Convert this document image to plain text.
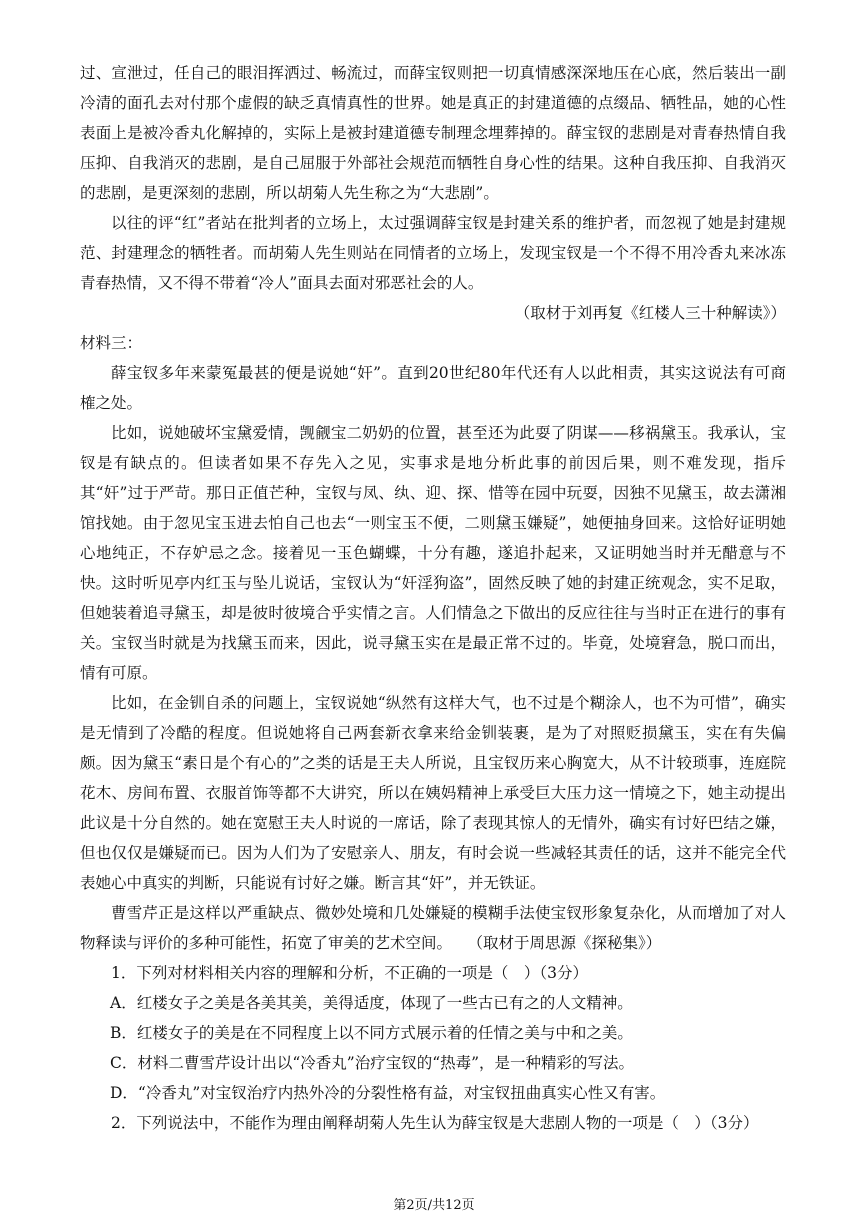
过、宣泄过，任自己的眼泪挥洒过、畅流过，而薛宝钗则把一切真情感深深地压在心底，然后装出一副冷清的面孔去对付那个虚假的缺乏真情真性的世界。她是真正的封建道德的点缀品、牺牲品，她的心性表面上是被冷香丸化解掉的，实际上是被封建道德专制理念埋葬掉的。薛宝钗的悲剧是对青春热情自我压抑、自我消灭的悲剧，是自己屈服于外部社会规范而牺牲自身心性的结果。这种自我压抑、自我消灭的悲剧，是更深刻的悲剧，所以胡菊人先生称之为“大悲剧”。

以往的评“红”者站在批判者的立场上，太过强调薛宝钗是封建关系的维护者，而忽视了她是封建规范、封建理念的牺牲者。而胡菊人先生则站在同情者的立场上，发现宝钗是一个不得不用冷香丸来冰冻青春热情，又不得不带着“冷人”面具去面对邪恶社会的人。

（取材于刘再复《红楼人三十种解读》）

材料三：

薛宝钗多年来蒙冤最甚的便是说她“奸”。直到20世纪80年代还有人以此相责，其实这说法有可商榷之处。

比如，说她破坏宝黛爱情，觊觎宝二奶奶的位置，甚至还为此耍了阴谋——移祸黛玉。我承认，宝钗是有缺点的。但读者如果不存先入之见，实事求是地分析此事的前因后果，则不难发现，指斥其“奸”过于严苛。那日正值芒种，宝钗与凤、纨、迎、探、惜等在园中玩耍，因独不见黛玉，故去潇湘馆找她。由于忽见宝玉进去怕自己也去“一则宝玉不便，二则黛玉嫌疑”，她便抽身回来。这恰好证明她心地纯正，不存妒忌之念。接着见一玉色蝴蝶，十分有趣，遂追扑起来，又证明她当时并无醋意与不快。这时听见亭内红玉与坠儿说话，宝钗认为“奸淫狗盗”，固然反映了她的封建正统观念，实不足取，但她装着追寻黛玉，却是彼时彼境合乎实情之言。人们情急之下做出的反应往往与当时正在进行的事有关。宝钗当时就是为找黛玉而来，因此，说寻黛玉实在是最正常不过的。毕竟，处境窘急，脱口而出，情有可原。

比如，在金钏自杀的问题上，宝钗说她“纵然有这样大气，也不过是个糊涂人，也不为可惜”，确实是无情到了冷酷的程度。但说她将自己两套新衣拿来给金钏装裹，是为了对照贬损黛玉，实在有失偏颇。因为黛玉“素日是个有心的”之类的话是王夫人所说，且宝钗历来心胸宽大，从不计较琐事，连庭院花木、房间布置、衣服首饰等都不大讲究，所以在姨妈精神上承受巨大压力这一情境之下，她主动提出此议是十分自然的。她在宽慰王夫人时说的一席话，除了表现其惊人的无情外，确实有讨好巴结之嫌，但也仅仅是嫌疑而已。因为人们为了安慰亲人、朋友，有时会说一些减轻其责任的话，这并不能完全代表她心中真实的判断，只能说有讨好之嫌。断言其“奸”，并无铁证。

曹雪芹正是这样以严重缺点、微妙处境和几处嫌疑的模糊手法使宝钗形象复杂化，从而增加了对人物释读与评价的多种可能性，拓宽了审美的艺术空间。　　（取材于周思源《探秘集》）

1．下列对材料相关内容的理解和分析，不正确的一项是（　）（3分）

A．红楼女子之美是各美其美，美得适度，体现了一些古已有之的人文精神。

B．红楼女子的美是在不同程度上以不同方式展示着的任情之美与中和之美。

C．材料二曹雪芹设计出以“冷香丸”治疗宝钗的“热毒”，是一种精彩的写法。

D．“冷香丸”对宝钗治疗内热外冷的分裂性格有益，对宝钗扭曲真实心性又有害。

2．下列说法中，不能作为理由阐释胡菊人先生认为薛宝钗是大悲剧人物的一项是（　）（3分）

第2页/共12页
